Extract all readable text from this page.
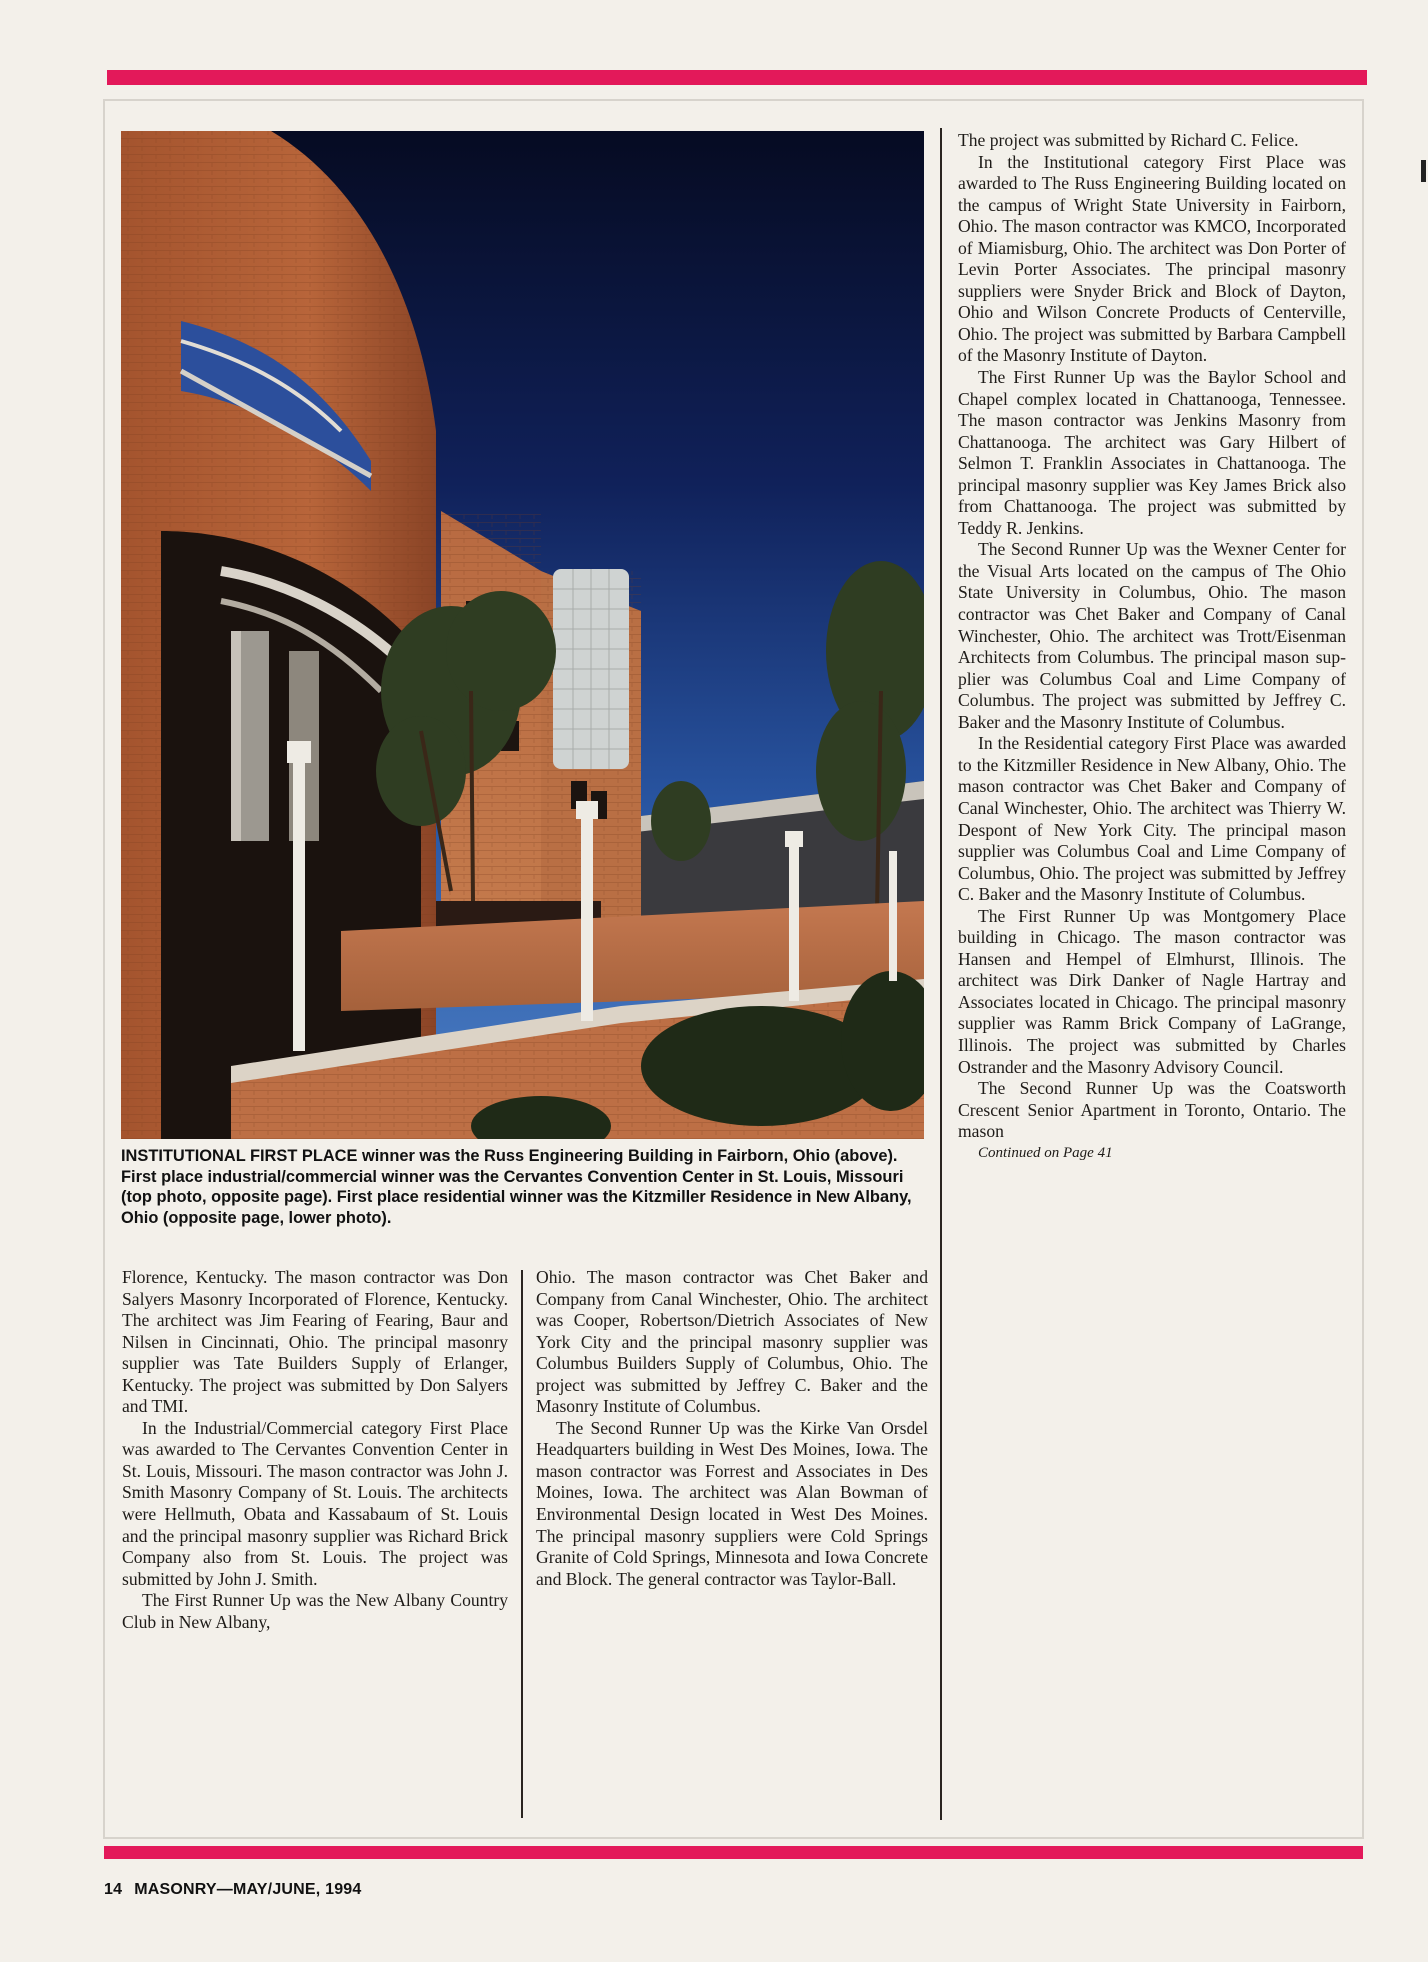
INSTITUTIONAL FIRST PLACE winner was the Russ Engineering Building in Fairborn, Ohio (above). First place industrial/commercial winner was the Cervantes Convention Center in St. Louis, Missouri (top photo, opposite page). First place residential winner was the Kitzmiller Residence in New Albany, Ohio (opposite page, lower photo).

Florence, Kentucky. The mason contractor was Don Salyers Masonry Incorporated of Florence, Kentucky. The architect was Jim Fearing of Fearing, Baur and Nilsen in Cincinnati, Ohio. The principal masonry supplier was Tate Builders Supply of Erlanger, Kentucky. The project was submitted by Don Salyers and TMI.

In the Industrial/Commercial category First Place was awarded to The Cervantes Convention Center in St. Louis, Missouri. The mason contractor was John J. Smith Masonry Company of St. Louis. The architects were Hellmuth, Obata and Kassabaum of St. Louis and the principal masonry supplier was Richard Brick Company also from St. Louis. The project was submitted by John J. Smith.

The First Runner Up was the New Albany Country Club in New Albany,

Ohio. The mason contractor was Chet Baker and Company from Canal Winchester, Ohio. The architect was Cooper, Robertson/Dietrich Associates of New York City and the principal masonry supplier was Columbus Builders Supply of Columbus, Ohio. The project was submitted by Jeffrey C. Baker and the Masonry Institute of Columbus.

The Second Runner Up was the Kirke Van Orsdel Headquarters building in West Des Moines, Iowa. The mason contractor was Forrest and Associates in Des Moines, Iowa. The architect was Alan Bowman of Environmental Design located in West Des Moines. The principal masonry suppliers were Cold Springs Granite of Cold Springs, Minnesota and Iowa Concrete and Block. The general contractor was Taylor-Ball.

The project was submitted by Richard C. Felice.

In the Institutional category First Place was awarded to The Russ Engineering Building located on the campus of Wright State University in Fairborn, Ohio. The mason contractor was KMCO, Incorporated of Miamisburg, Ohio. The architect was Don Porter of Levin Porter Associates. The principal masonry suppliers were Snyder Brick and Block of Dayton, Ohio and Wilson Concrete Products of Centerville, Ohio. The project was submitted by Barbara Campbell of the Masonry Institute of Dayton.

The First Runner Up was the Baylor School and Chapel complex located in Chattanooga, Tennessee. The mason contractor was Jenkins Masonry from Chattanooga. The architect was Gary Hilbert of Selmon T. Franklin Associates in Chattanooga. The principal masonry supplier was Key James Brick also from Chattanooga. The project was submitted by Teddy R. Jenkins.

The Second Runner Up was the Wexner Center for the Visual Arts located on the campus of The Ohio State University in Columbus, Ohio. The mason contractor was Chet Baker and Company of Canal Winchester, Ohio. The architect was Trott/Eisenman Architects from Columbus. The principal mason supplier was Columbus Coal and Lime Company of Columbus. The project was submitted by Jeffrey C. Baker and the Masonry Institute of Columbus.

In the Residential category First Place was awarded to the Kitzmiller Residence in New Albany, Ohio. The mason contractor was Chet Baker and Company of Canal Winchester, Ohio. The architect was Thierry W. Despont of New York City. The principal mason supplier was Columbus Coal and Lime Company of Columbus, Ohio. The project was submitted by Jeffrey C. Baker and the Masonry Institute of Columbus.

The First Runner Up was Montgomery Place building in Chicago. The mason contractor was Hansen and Hempel of Elmhurst, Illinois. The architect was Dirk Danker of Nagle Hartray and Associates located in Chicago. The principal masonry supplier was Ramm Brick Company of LaGrange, Illinois. The project was submitted by Charles Ostrander and the Masonry Advisory Council.

The Second Runner Up was the Coatsworth Crescent Senior Apartment in Toronto, Ontario. The mason

Continued on Page 41

14 MASONRY—MAY/JUNE, 1994
